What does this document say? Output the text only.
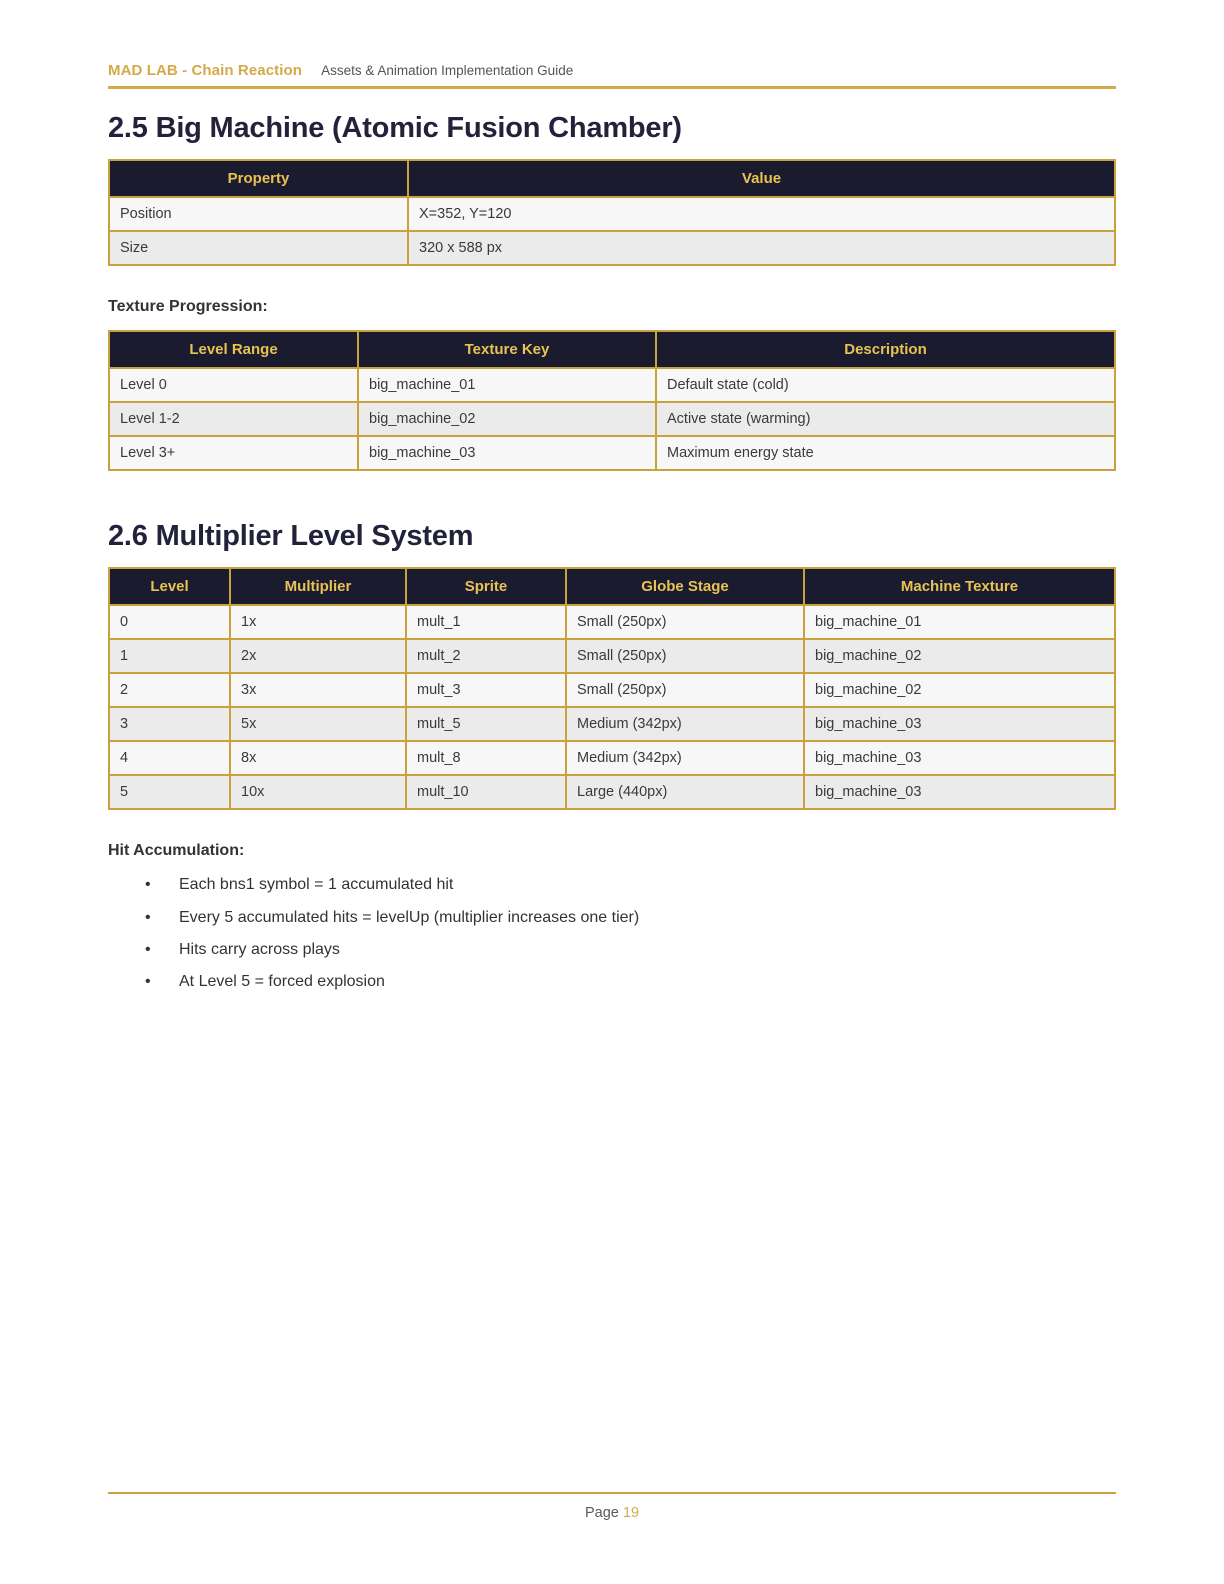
MAD LAB - Chain Reaction Assets & Animation Implementation Guide
2.5 Big Machine (Atomic Fusion Chamber)
Property	Value
Position	X=352, Y=120
Size	320 x 588 px

Texture Progression:

Level Range	Texture Key	Description
Level 0	big_machine_01	Default state (cold)
Level 1-2	big_machine_02	Active state (warming)
Level 3+	big_machine_03	Maximum energy state
2.6 Multiplier Level System
Level	Multiplier	Sprite	Globe Stage	Machine Texture
0	1x	mult_1	Small (250px)	big_machine_01
1	2x	mult_2	Small (250px)	big_machine_02
2	3x	mult_3	Small (250px)	big_machine_02
3	5x	mult_5	Medium (342px)	big_machine_03
4	8x	mult_8	Medium (342px)	big_machine_03
5	10x	mult_10	Large (440px)	big_machine_03

Hit Accumulation:

• Each bns1 symbol = 1 accumulated hit
• Every 5 accumulated hits = levelUp (multiplier increases one tier)
• Hits carry across plays
• At Level 5 = forced explosion
Page 19
